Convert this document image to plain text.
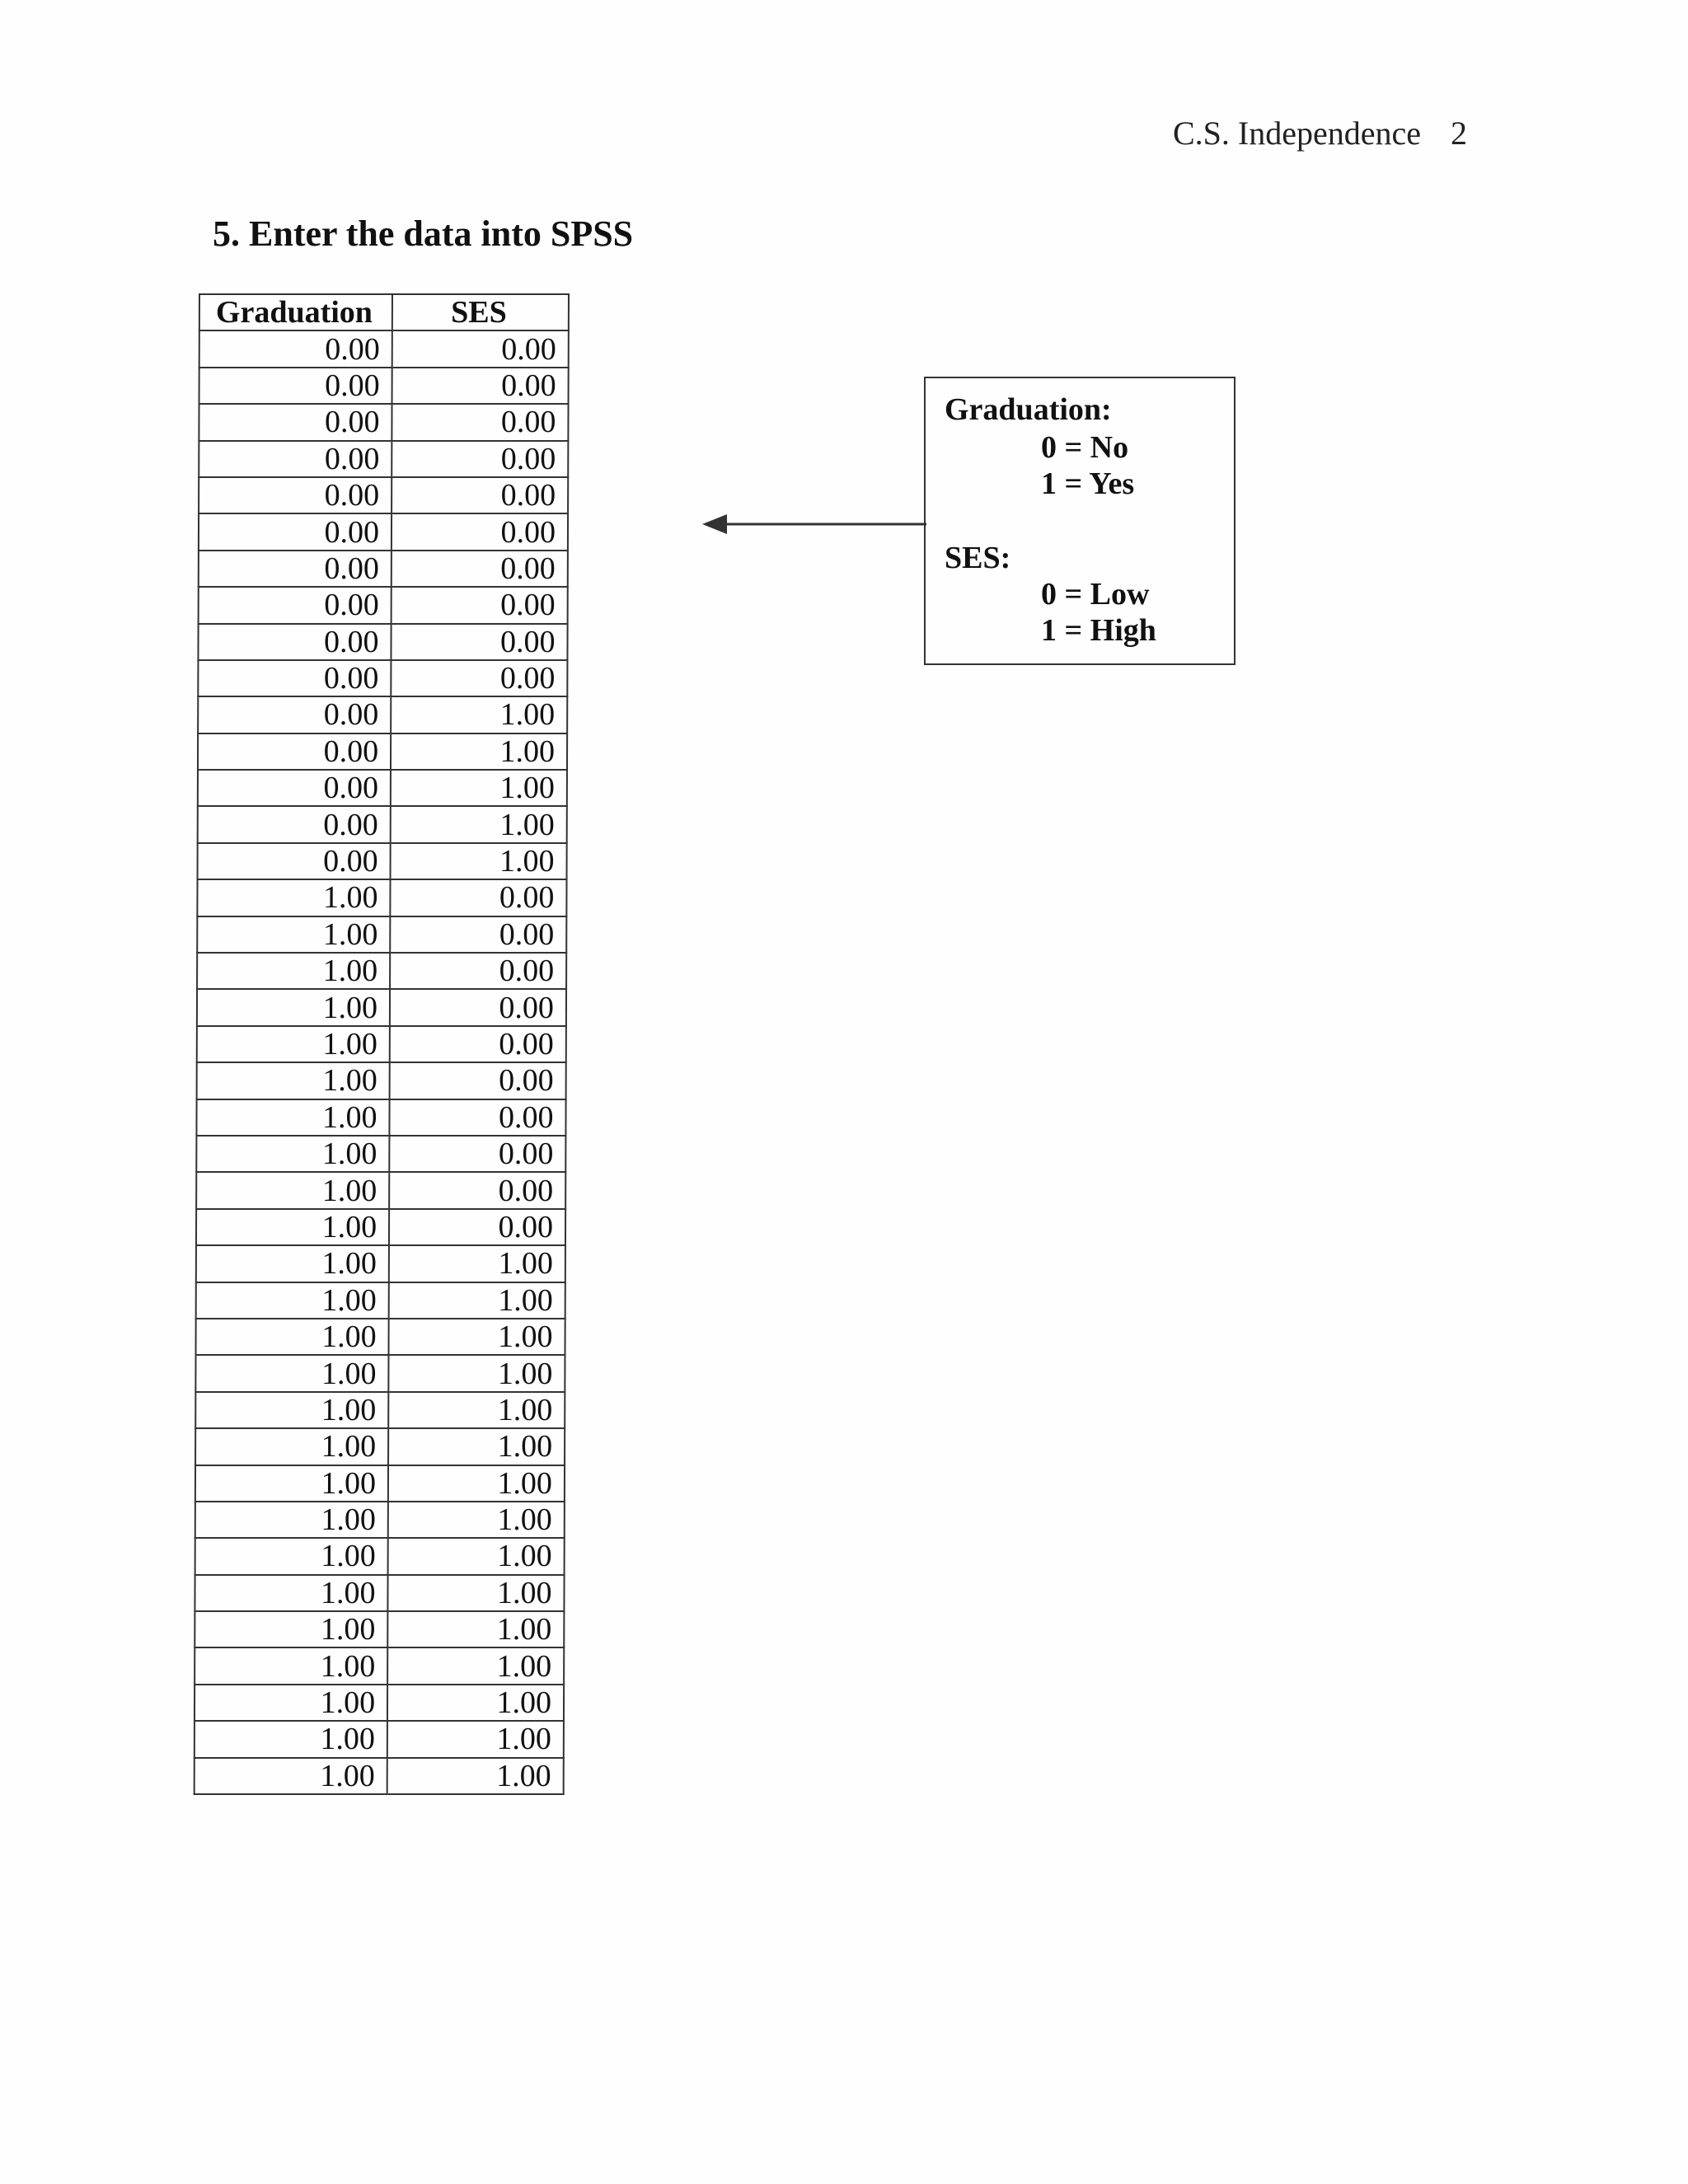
C.S. Independence 2
5. Enter the data into SPSS
Graduation	SES
0.00	0.00
0.00	0.00
0.00	0.00
0.00	0.00
0.00	0.00
0.00	0.00
0.00	0.00
0.00	0.00
0.00	0.00
0.00	0.00
0.00	1.00
0.00	1.00
0.00	1.00
0.00	1.00
0.00	1.00
1.00	0.00
1.00	0.00
1.00	0.00
1.00	0.00
1.00	0.00
1.00	0.00
1.00	0.00
1.00	0.00
1.00	0.00
1.00	0.00
1.00	1.00
1.00	1.00
1.00	1.00
1.00	1.00
1.00	1.00
1.00	1.00
1.00	1.00
1.00	1.00
1.00	1.00
1.00	1.00
1.00	1.00
1.00	1.00
1.00	1.00
1.00	1.00
1.00	1.00
Graduation:
0 = No
1 = Yes
SES:
0 = Low
1 = High
